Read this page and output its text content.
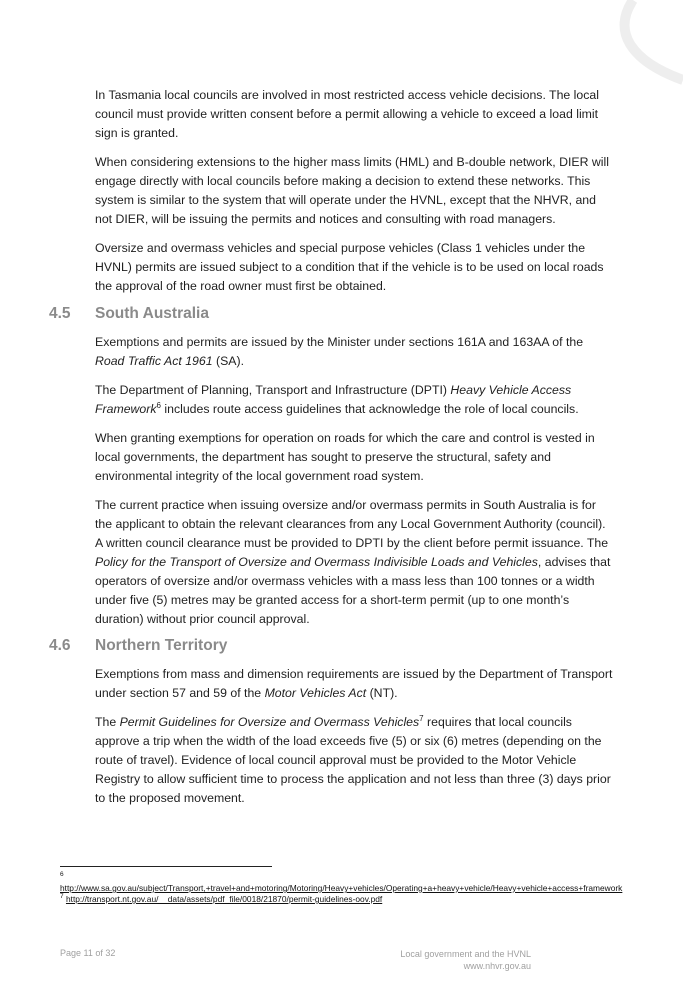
In Tasmania local councils are involved in most restricted access vehicle decisions. The local council must provide written consent before a permit allowing a vehicle to exceed a load limit sign is granted.

When considering extensions to the higher mass limits (HML) and B-double network, DIER will engage directly with local councils before making a decision to extend these networks. This system is similar to the system that will operate under the HVNL, except that the NHVR, and not DIER, will be issuing the permits and notices and consulting with road managers.

Oversize and overmass vehicles and special purpose vehicles (Class 1 vehicles under the HVNL) permits are issued subject to a condition that if the vehicle is to be used on local roads the approval of the road owner must first be obtained.

4.5 South Australia

Exemptions and permits are issued by the Minister under sections 161A and 163AA of the Road Traffic Act 1961 (SA).

The Department of Planning, Transport and Infrastructure (DPTI) Heavy Vehicle Access Framework$^6$ includes route access guidelines that acknowledge the role of local councils.

When granting exemptions for operation on roads for which the care and control is vested in local governments, the department has sought to preserve the structural, safety and environmental integrity of the local government road system.

The current practice when issuing oversize and/or overmass permits in South Australia is for the applicant to obtain the relevant clearances from any Local Government Authority (council). A written council clearance must be provided to DPTI by the client before permit issuance. The Policy for the Transport of Oversize and Overmass Indivisible Loads and Vehicles, advises that operators of oversize and/or overmass vehicles with a mass less than 100 tonnes or a width under five (5) metres may be granted access for a short-term permit (up to one month’s duration) without prior council approval.

4.6 Northern Territory

Exemptions from mass and dimension requirements are issued by the Department of Transport under section 57 and 59 of the Motor Vehicles Act (NT).

The Permit Guidelines for Oversize and Overmass Vehicles$^7$ requires that local councils approve a trip when the width of the load exceeds five (5) or six (6) metres (depending on the route of travel). Evidence of local council approval must be provided to the Motor Vehicle Registry to allow sufficient time to process the application and not less than three (3) days prior to the proposed movement.

$^6$

http://www.sa.gov.au/subject/Transport,+travel+and+motoring/Motoring/Heavy+vehicles/Operating+a+heavy+vehicle/Heavy+vehicle+access+framework

$^7$ http://transport.nt.gov.au/__data/assets/pdf_file/0018/21870/permit-guidelines-oov.pdf

Page 11 of 32	Local government and the HVNL
www.nhvr.gov.au
